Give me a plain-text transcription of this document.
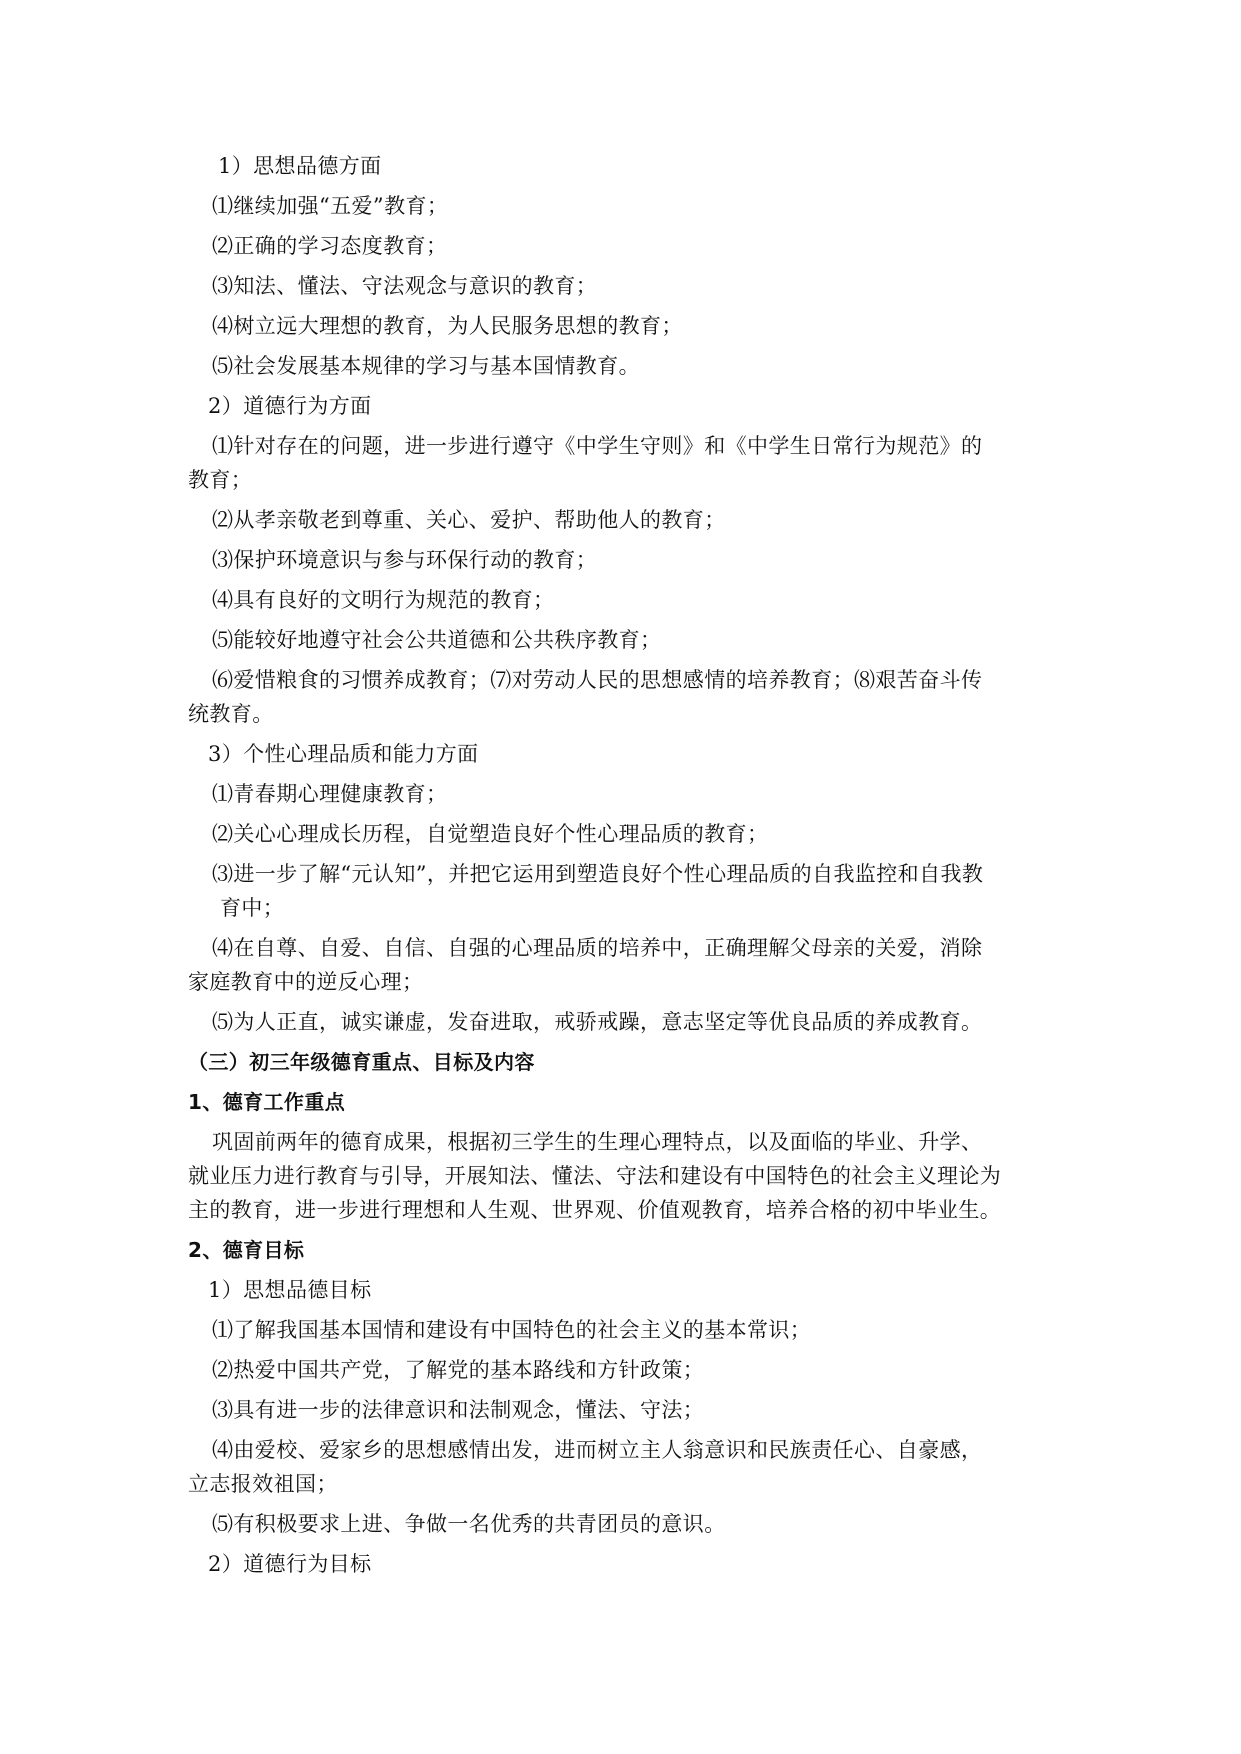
1）思想品德方面
⑴继续加强“五爱”教育；
⑵正确的学习态度教育；
⑶知法、懂法、守法观念与意识的教育；
⑷树立远大理想的教育，为人民服务思想的教育；
⑸社会发展基本规律的学习与基本国情教育。
2）道德行为方面
⑴针对存在的问题，进一步进行遵守《中学生守则》和《中学生日常行为规范》的
教育；
⑵从孝亲敬老到尊重、关心、爱护、帮助他人的教育；
⑶保护环境意识与参与环保行动的教育；
⑷具有良好的文明行为规范的教育；
⑸能较好地遵守社会公共道德和公共秩序教育；
⑹爱惜粮食的习惯养成教育；⑺对劳动人民的思想感情的培养教育；⑻艰苦奋斗传
统教育。
3）个性心理品质和能力方面
⑴青春期心理健康教育；
⑵关心心理成长历程，自觉塑造良好个性心理品质的教育；
⑶进一步了解“元认知”，并把它运用到塑造良好个性心理品质的自我监控和自我教
育中；
⑷在自尊、自爱、自信、自强的心理品质的培养中，正确理解父母亲的关爱，消除
家庭教育中的逆反心理；
⑸为人正直，诚实谦虚，发奋进取，戒骄戒躁，意志坚定等优良品质的养成教育。
（三）初三年级德育重点、目标及内容
1、德育工作重点
巩固前两年的德育成果，根据初三学生的生理心理特点，以及面临的毕业、升学、
就业压力进行教育与引导，开展知法、懂法、守法和建设有中国特色的社会主义理论为
主的教育，进一步进行理想和人生观、世界观、价值观教育，培养合格的初中毕业生。
2、德育目标
1）思想品德目标
⑴了解我国基本国情和建设有中国特色的社会主义的基本常识；
⑵热爱中国共产党，了解党的基本路线和方针政策；
⑶具有进一步的法律意识和法制观念，懂法、守法；
⑷由爱校、爱家乡的思想感情出发，进而树立主人翁意识和民族责任心、自豪感，
立志报效祖国；
⑸有积极要求上进、争做一名优秀的共青团员的意识。
2）道德行为目标
